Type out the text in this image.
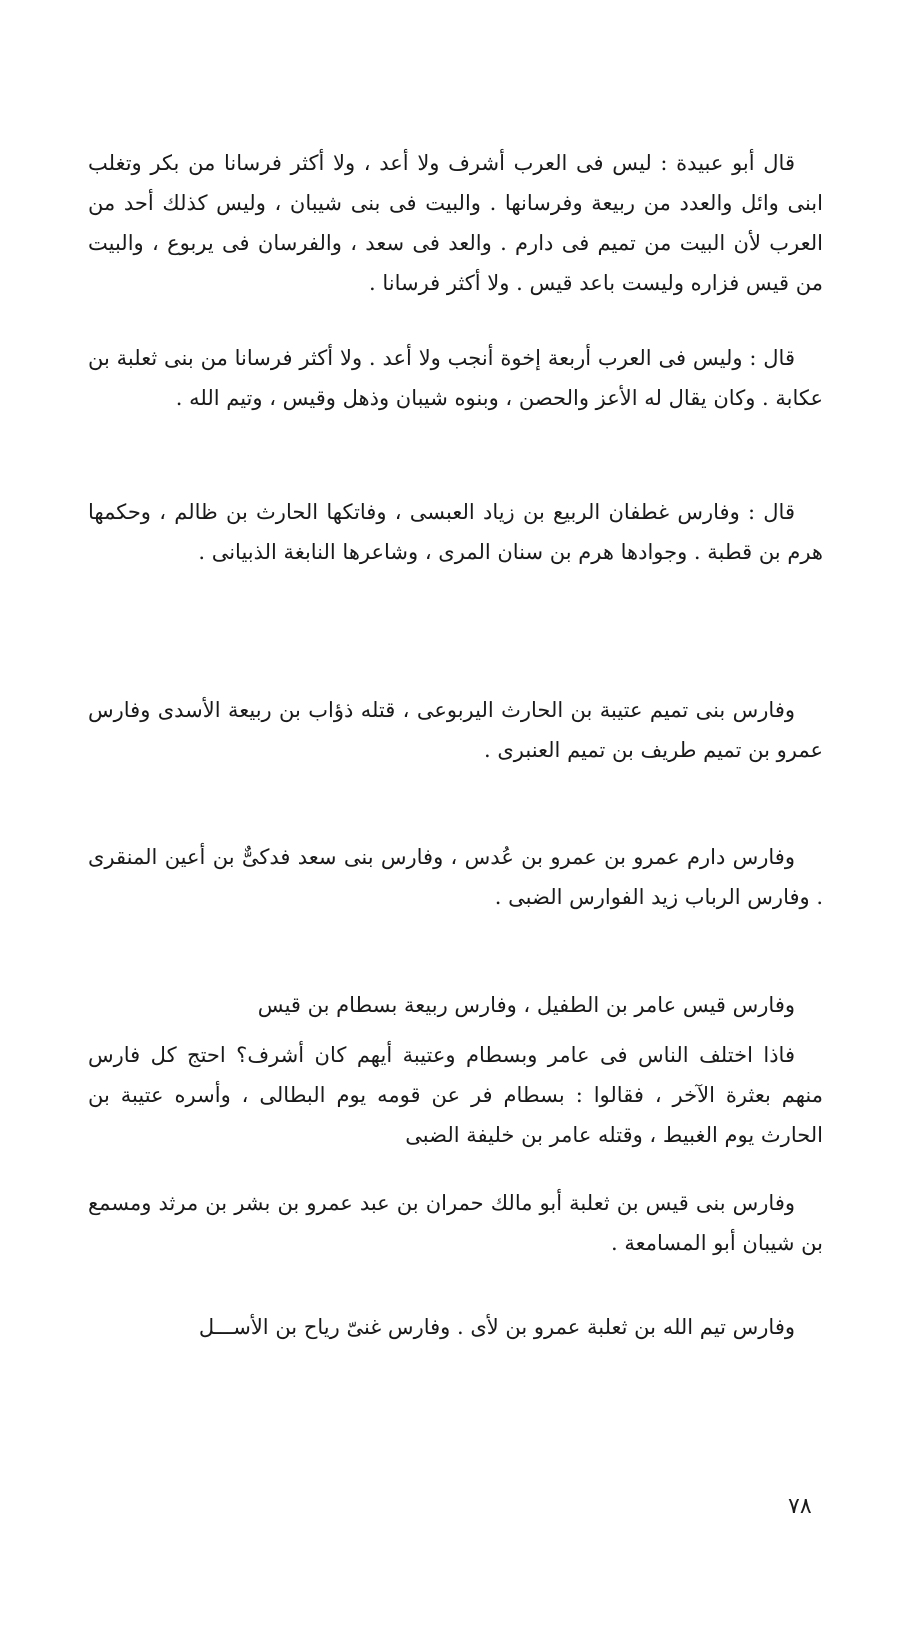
قال أبو عبيدة : ليس فى العرب أشرف ولا أعد ، ولا أكثر فرسانا من بكر وتغلب ابنى وائل والعدد من ربيعة وفرسانها . والبيت فى بنى شيبان ، وليس كذلك أحد من العرب لأن البيت من تميم فى دارم . والعد فى سعد ، والفرسان فى يربوع ، والبيت من قيس فزاره وليست باعد قيس . ولا أكثر فرسانا .

قال : وليس فى العرب أربعة إخوة أنجب ولا أعد . ولا أكثر فرسانا من بنى ثعلبة بن عكابة . وكان يقال له الأعز والحصن ، وبنوه شيبان وذهل وقيس ، وتيم الله .

قال : وفارس غطفان الربيع بن زياد العبسى ، وفاتكها الحارث بن ظالم ، وحكمها هرم بن قطبة . وجوادها هرم بن سنان المرى ، وشاعرها النابغة الذبيانى .

وفارس بنى تميم عتيبة بن الحارث اليربوعى ، قتله ذؤاب بن ربيعة الأسدى وفارس عمرو بن تميم طريف بن تميم العنبرى .

وفارس دارم عمرو بن عمرو بن عُدس ، وفارس بنى سعد فدكىٌّ بن أعين المنقرى . وفارس الرباب زيد الفوارس الضبى .

وفارس قيس عامر بن الطفيل ، وفارس ربيعة بسطام بن قيس

فاذا اختلف الناس فى عامر وبسطام وعتيبة أيهم كان أشرف؟ احتج كل فارس منهم بعثرة الآخر ، فقالوا : بسطام فر عن قومه يوم البطالى ، وأسره عتيبة بن الحارث يوم الغبيط ، وقتله عامر بن خليفة الضبى

وفارس بنى قيس بن ثعلبة أبو مالك حمران بن عبد عمرو بن بشر بن مرثد ومسمع بن شيبان أبو المسامعة .

وفارس تيم الله بن ثعلبة عمرو بن لأى . وفارس غنىّ رياح بن الأســـل

٧٨
